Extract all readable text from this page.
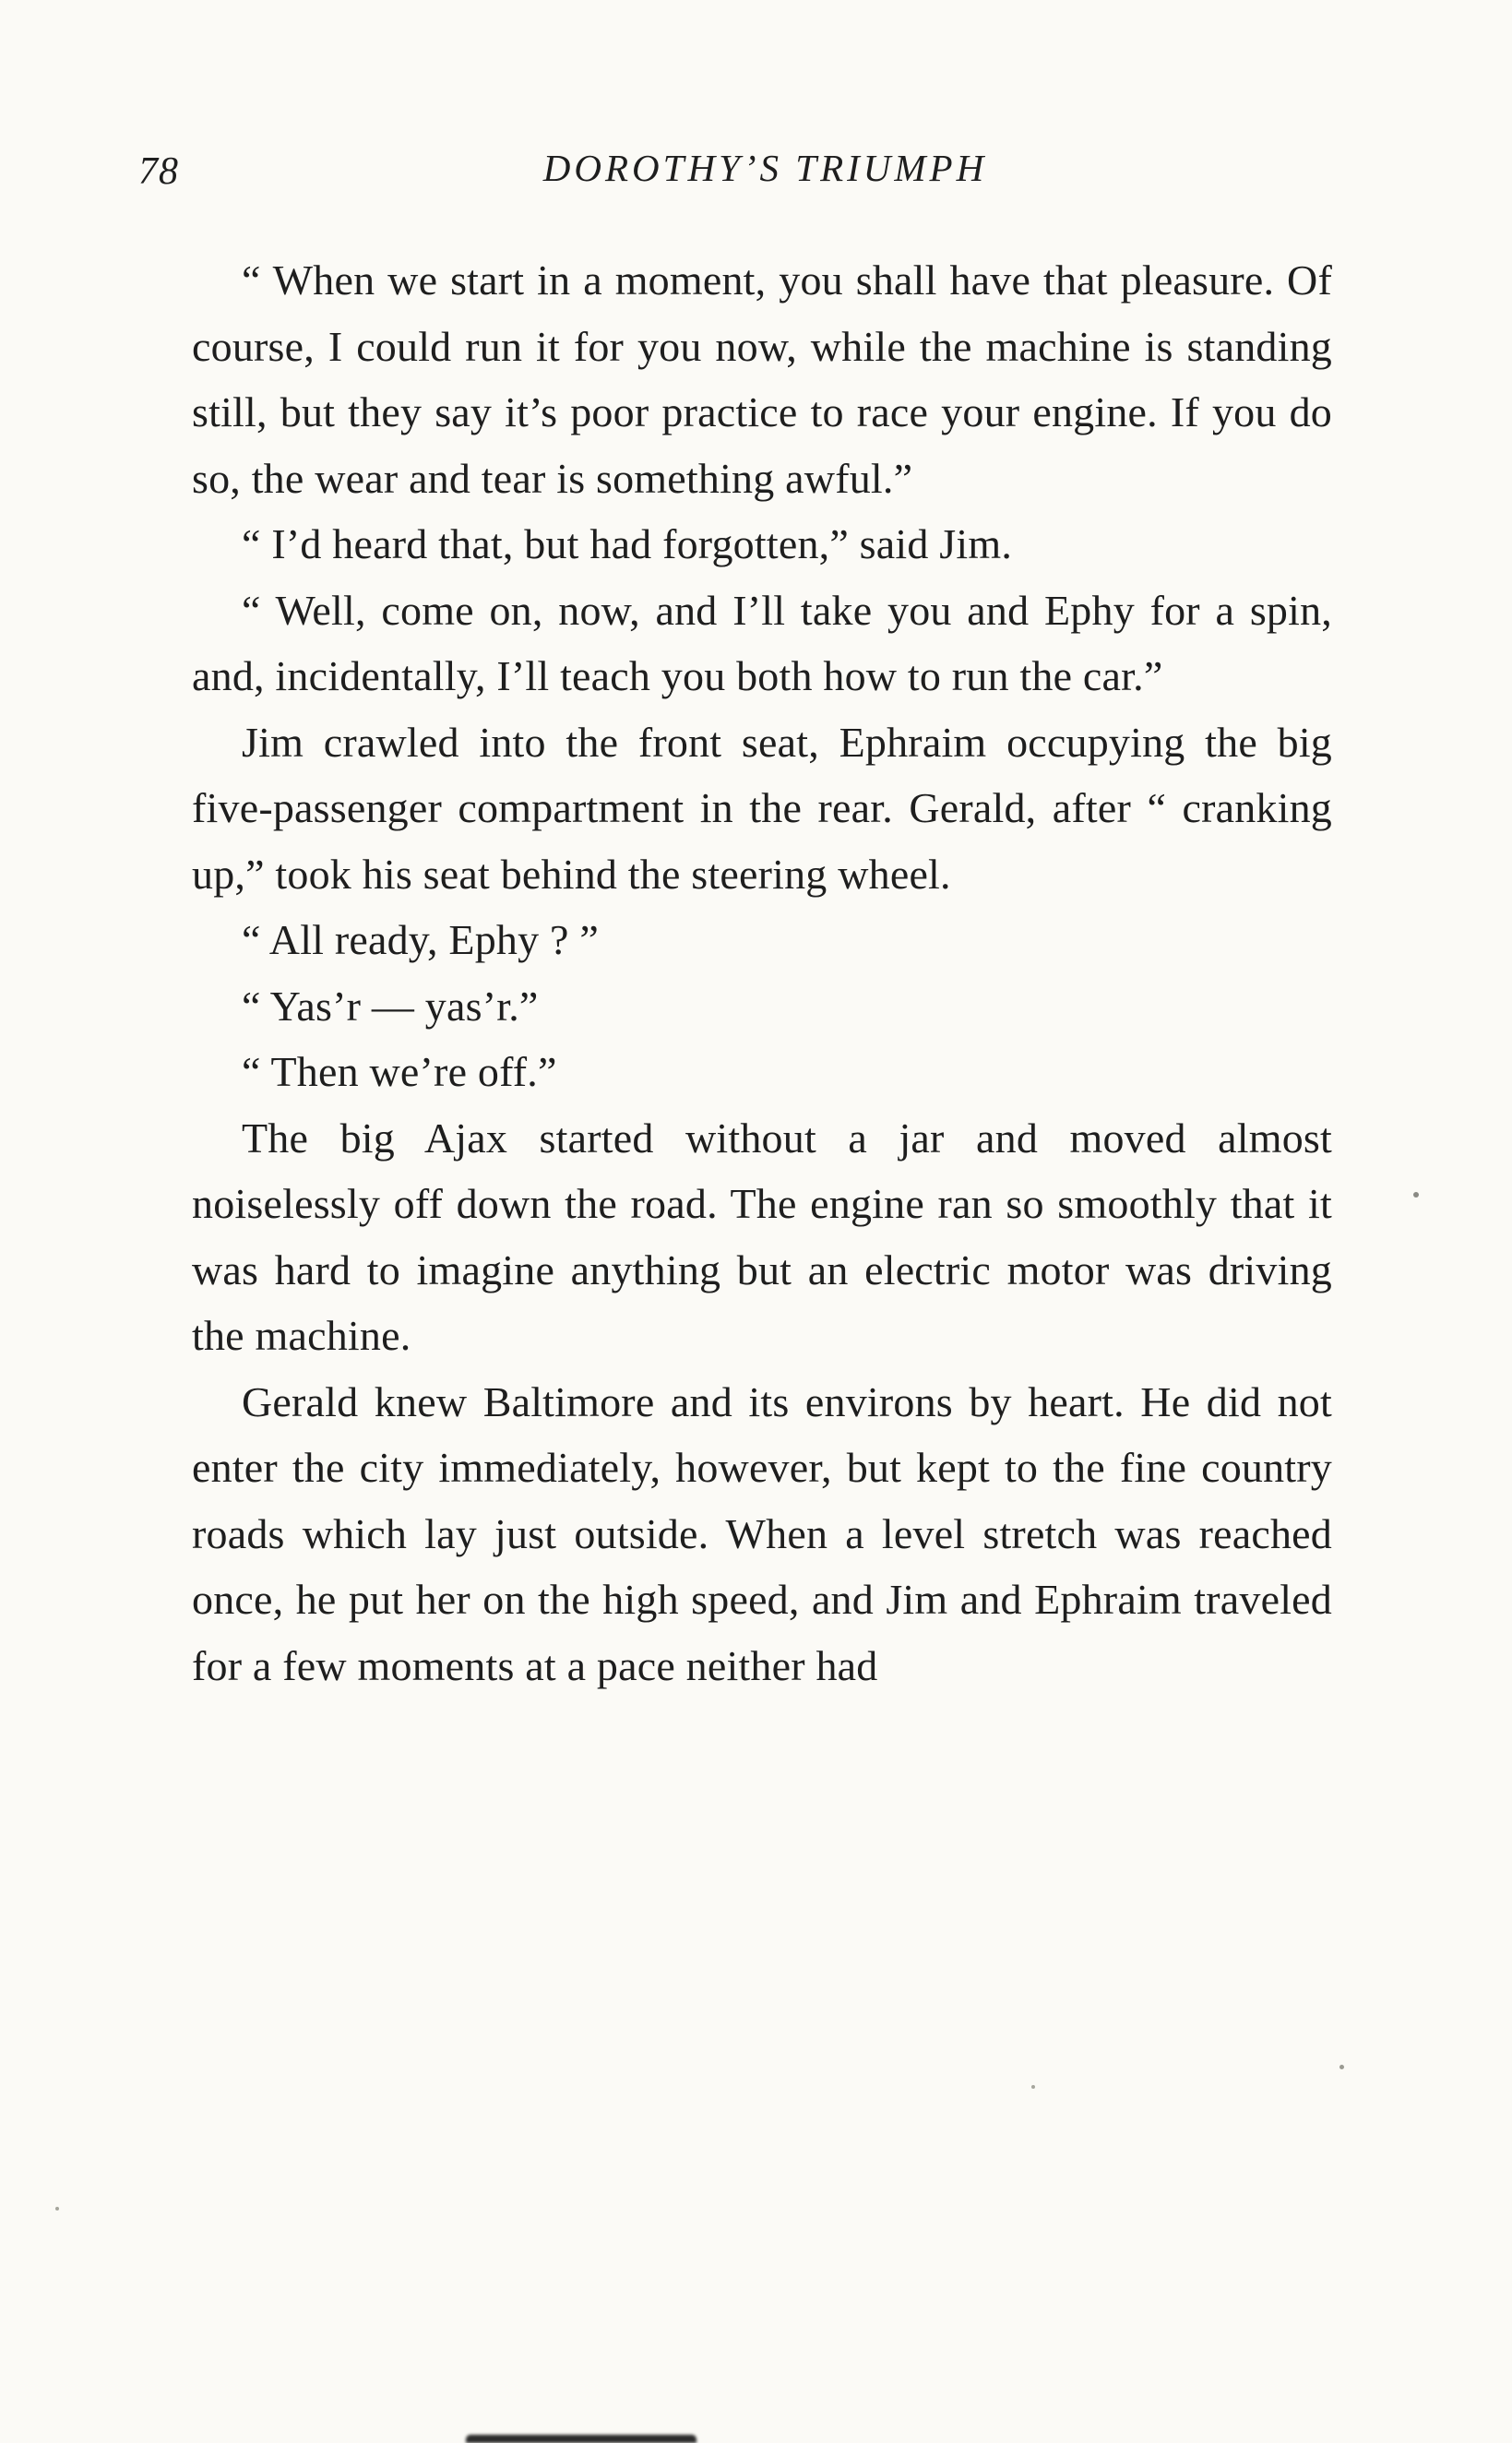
78	DOROTHY’S TRIUMPH

“ When we start in a moment, you shall have that pleasure. Of course, I could run it for you now, while the machine is standing still, but they say it’s poor practice to race your engine. If you do so, the wear and tear is something awful.”

“ I’d heard that, but had forgotten,” said Jim.

“ Well, come on, now, and I’ll take you and Ephy for a spin, and, incidentally, I’ll teach you both how to run the car.”

Jim crawled into the front seat, Ephraim occupying the big five-passenger compartment in the rear. Gerald, after “ cranking up,” took his seat behind the steering wheel.

“ All ready, Ephy ? ”

“ Yas’r — yas’r.”

“ Then we’re off.”

The big Ajax started without a jar and moved almost noiselessly off down the road. The engine ran so smoothly that it was hard to imagine anything but an electric motor was driving the machine.

Gerald knew Baltimore and its environs by heart. He did not enter the city immediately, however, but kept to the fine country roads which lay just outside. When a level stretch was reached once, he put her on the high speed, and Jim and Ephraim traveled for a few moments at a pace neither had
